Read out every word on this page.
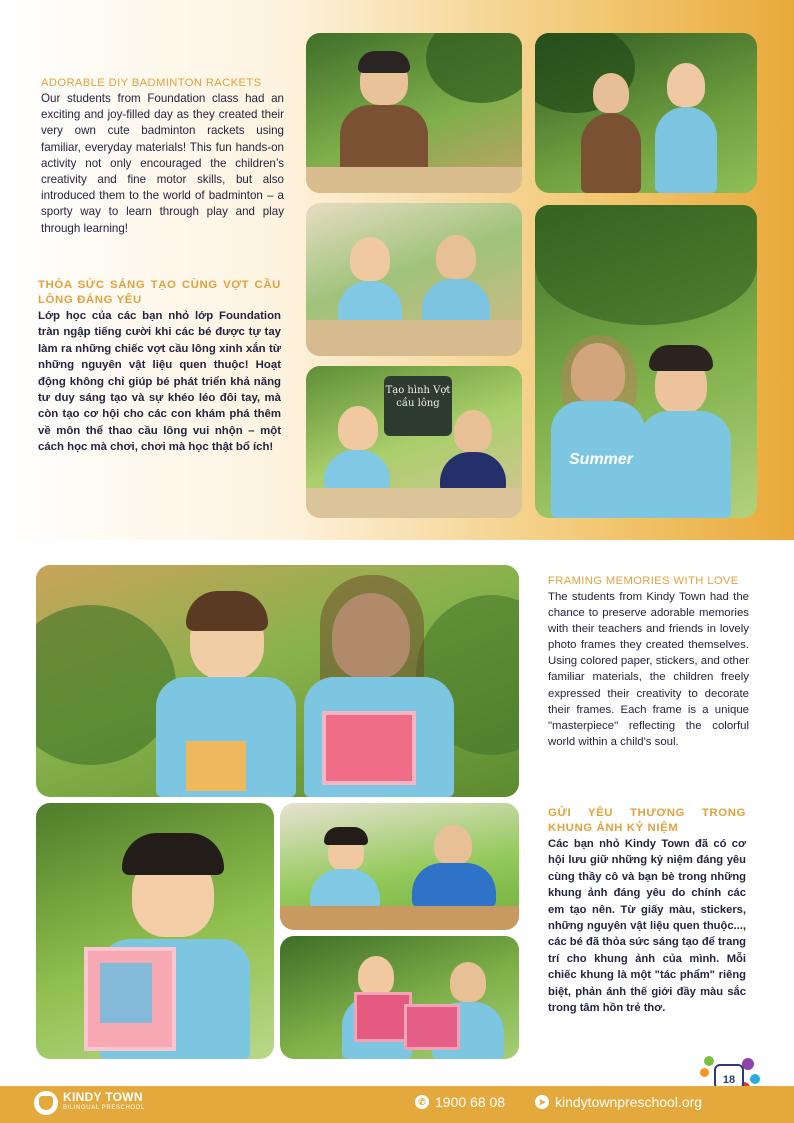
ADORABLE DIY BADMINTON RACKETS

Our students from Foundation class had an exciting and joy-filled day as they created their very own cute badminton rackets using familiar, everyday materials! This fun hands-on activity not only encouraged the children’s creativity and fine motor skills, but also introduced them to the world of badminton – a sporty way to learn through play and play through learning!

THỎA SỨC SÁNG TẠO CÙNG VỢT CẦU LÔNG ĐÁNG YÊU

Lớp học của các bạn nhỏ lớp Foundation tràn ngập tiếng cười khi các bé được tự tay làm ra những chiếc vợt cầu lông xinh xắn từ những nguyên vật liệu quen thuộc! Hoạt động không chỉ giúp bé phát triển khả năng tư duy sáng tạo và sự khéo léo đôi tay, mà còn tạo cơ hội cho các con khám phá thêm về môn thể thao cầu lông vui nhộn – một cách học mà chơi, chơi mà học thật bổ ích!

Tạo hình Vợt cầu lông
Summer

FRAMING MEMORIES WITH LOVE

The students from Kindy Town had the chance to preserve adorable memories with their teachers and friends in lovely photo frames they created themselves. Using colored paper, stickers, and other familiar materials, the children freely expressed their creativity to decorate their frames. Each frame is a unique "masterpiece" reflecting the colorful world within a child's soul.

GỬI YÊU THƯƠNG TRONG KHUNG ẢNH KỶ NIỆM

Các bạn nhỏ Kindy Town đã có cơ hội lưu giữ những kỷ niệm đáng yêu cùng thầy cô và bạn bè trong những khung ảnh đáng yêu do chính các em tạo nên. Từ giấy màu, stickers, những nguyên vật liệu quen thuộc..., các bé đã thỏa sức sáng tạo để trang trí cho khung ảnh của mình. Mỗi chiếc khung là một "tác phẩm" riêng biệt, phản ánh thế giới đầy màu sắc trong tâm hồn trẻ thơ.

18
KINDY TOWN
BILINGUAL PRESCHOOL
✆ 1900 68 08	➤ kindytownpreschool.org
